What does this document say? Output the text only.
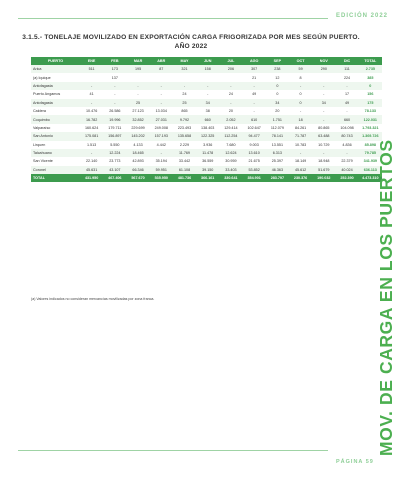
EDICIÓN 2022
3.1.5.- TONELAJE MOVILIZADO EN EXPORTACIÓN CARGA FRIGORIZADA POR MES SEGÚN PUERTO.
AÑO 2022
PUERTO	ENE	FEB	MAR	ABR	MAY	JUN	JUL	AGO	SEP	OCT	NOV	DIC	TOTAL
Arica	511	173	195	87	321	158	206	307	238	59	290	111	2.735
(a) Iquique		137						21	12	8		224	385
Antofagasta	-	-	-	-	-	-	-	-	0	-	-	-	0
Puerto Angamos	41	-	-	-	24	-	24	49	0	0	-	17	156
Antofagasta	-	-	25	-	25	34	-	-	34	0	34	49	175
Caldera	10.476	26.586	27.123	13.034	865	38	20	-	20	-	-	-	78.133
Coquimbo	16.782	19.996	32.852	27.031	9.792	660	2.052	610	1.751	18	-	660	122.031
Valparaíso	160.624	179.711	229.699	249.008	223.493	138.403	129.414	102.647	112.079	84.261	80.865	104.098	1.793.321
San Antonio	175.081	156.897	145.202	157.193	135.658	122.325	112.254	94.477	78.141	71.787	63.488	80.743	1.369.726
Lirquen	1.513	5.550	4.133	4.442	2.229	3.936	7.680	9.003	13.551	10.783	10.729	4.836	85.898
Talcahuano	-	12.224	18.465	-	11.769	11.478	12.624	13.610	6.313	-	-	-	79.785
San Vicente	22.140	23.773	42.893	35.194	33.442	36.559	30.959	21.675	25.397	18.149	18.948	22.379	341.939
Coronel	45.631	43.107	66.346	59.951	61.108	39.150	33.403	53.852	46.363	45.612	51.679	40.024	636.113
TOTAL	431.950	467.406	567.670	535.950	481.736	366.161	330.641	354.901	283.797	230.376	190.032	252.390	4.473.310
(a) Valores indicados no consideran mercancías movilizadas por zona franca.	MOV. DE CARGA EN LOS PUERTOS
PÁGINA 59
